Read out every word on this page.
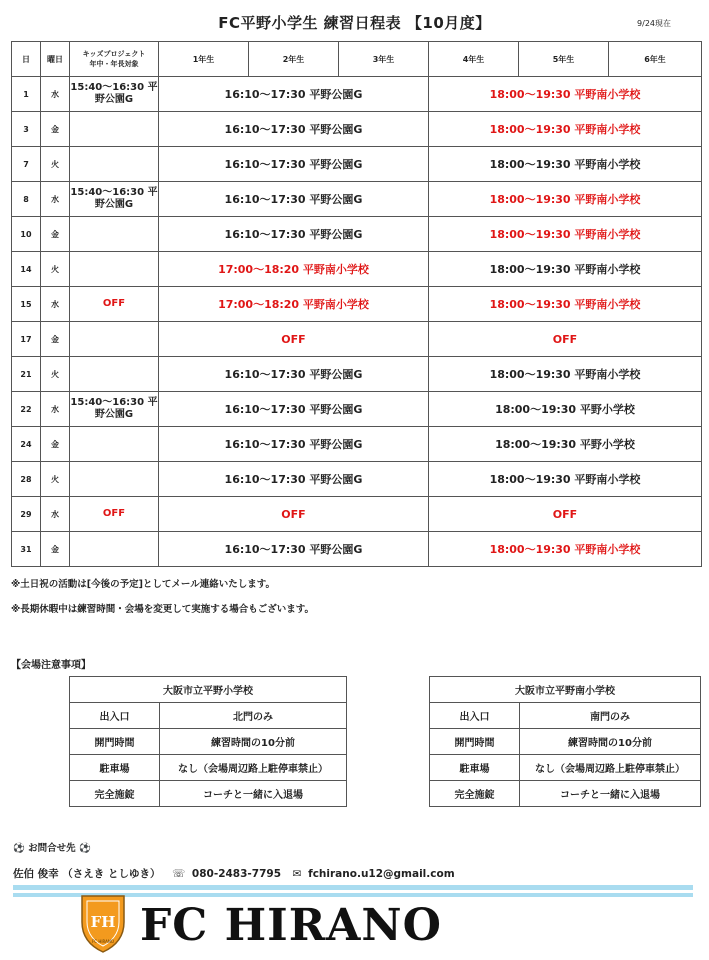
FC平野小学生 練習日程表 【10月度】	9/24現在
日	曜日	キッズプロジェクト
年中・年長対象	1年生	2年生	3年生	4年生	5年生	6年生
1	水	15:40～16:30 平野公園G	16:10～17:30 平野公園G			18:00～19:30 平野南小学校		
3	金		16:10～17:30 平野公園G			18:00～19:30 平野南小学校		
7	火		16:10～17:30 平野公園G			18:00～19:30 平野南小学校		
8	水	15:40～16:30 平野公園G	16:10～17:30 平野公園G			18:00～19:30 平野南小学校		
10	金		16:10～17:30 平野公園G			18:00～19:30 平野南小学校		
14	火		17:00～18:20 平野南小学校			18:00～19:30 平野南小学校		
15	水	OFF	17:00～18:20 平野南小学校			18:00～19:30 平野南小学校		
17	金		OFF			OFF		
21	火		16:10～17:30 平野公園G			18:00～19:30 平野南小学校		
22	水	15:40～16:30 平野公園G	16:10～17:30 平野公園G			18:00～19:30 平野小学校		
24	金		16:10～17:30 平野公園G			18:00～19:30 平野小学校		
28	火		16:10～17:30 平野公園G			18:00～19:30 平野南小学校		
29	水	OFF	OFF			OFF		
31	金		16:10～17:30 平野公園G			18:00～19:30 平野南小学校		
※土日祝の活動は[今後の予定]としてメール連絡いたします。
※長期休暇中は練習時間・会場を変更して実施する場合もございます。
【会場注意事項】
大阪市立平野小学校	
出入口	北門のみ
開門時間	練習時間の10分前
駐車場	なし（会場周辺路上駐停車禁止）
完全施錠	コーチと一緒に入退場
大阪市立平野南小学校	
出入口	南門のみ
開門時間	練習時間の10分前
駐車場	なし（会場周辺路上駐停車禁止）
完全施錠	コーチと一緒に入退場
⚽ お問合せ先 ⚽
佐伯 俊幸 （さえき としゆき） ☏ 080-2483-7795 ✉ fchirano.u12@gmail.com
FH
FC HIRANO FC HIRANO
